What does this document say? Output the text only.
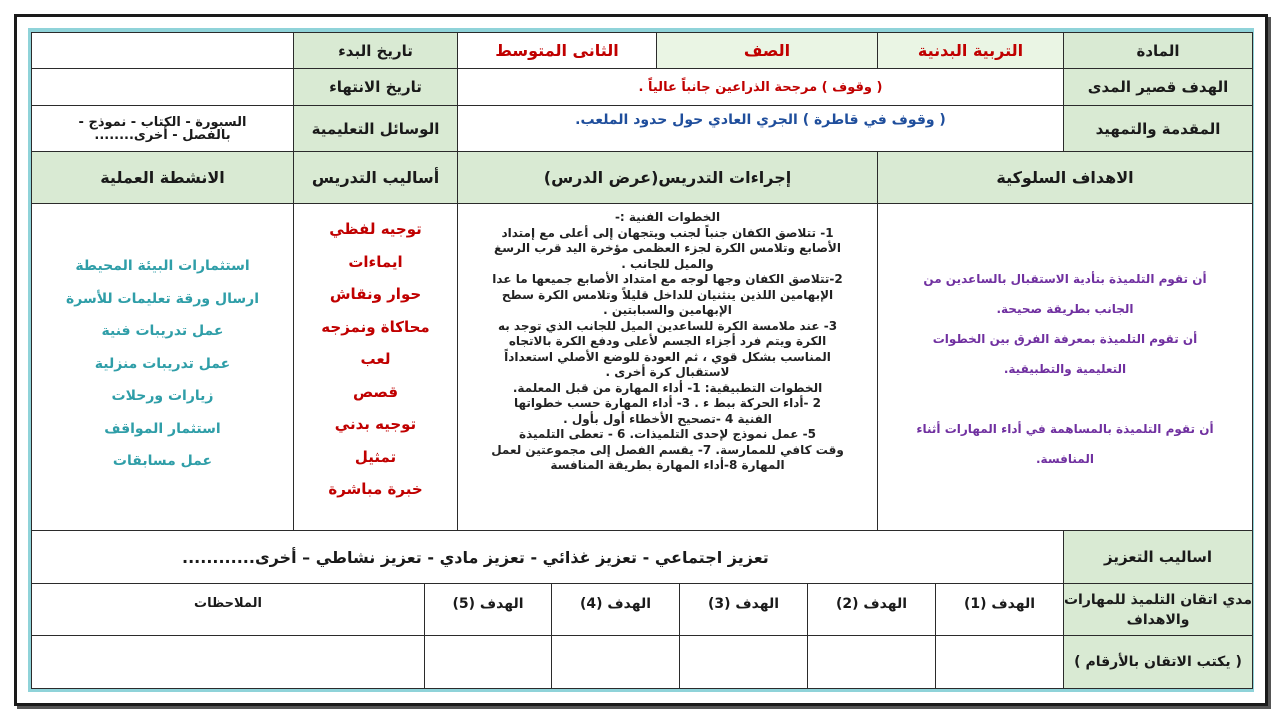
المادة
التربية البدنية
الصف
الثانى المتوسط
تاريخ البدء
الهدف قصير المدى
( وقوف ) مرجحة الذراعين جانباً عالياً .
تاريخ الانتهاء
المقدمة والتمهيد
( وقوف في قاطرة ) الجري العادي حول حدود الملعب.
الوسائل التعليمية
السبورة - الكتاب - نموذج -
بالفصل - أخرى........
الاهداف السلوكية
إجراءات التدريس(عرض الدرس)
أساليب التدريس
الانشطة العملية
أن تقوم التلميذة بتأدية الاستقبال بالساعدين من
الجانب بطريقة صحيحة.
أن تقوم التلميذة بمعرفة الفرق بين الخطوات
التعليمية والتطبيقية.
أن تقوم التلميذة بالمساهمة في أداء المهارات أثناء
المنافسة.
الخطوات الفنية :-
1- تتلاصق الكفان جنباً لجنب ويتجهان إلى أعلى مع إمتداد
الأصابع وتلامس الكرة لجزء العظمى مؤخرة اليد قرب الرسغ
والميل للجانب .
2-تتلاصق الكفان وجها لوجه مع امتداد الأصابع جميعها ما عدا
الإبهامين اللذين ينثنيان للداخل قليلاً وتلامس الكرة سطح
الإبهامين والسبابتين .
3- عند ملامسة الكرة للساعدين الميل للجانب الذي توجد به
الكرة ويتم فرد أجزاء الجسم لأعلى ودفع الكرة بالاتجاه
المناسب بشكل قوي ، ثم العودة للوضع الأصلي استعداداً
لاستقبال كرة أخرى .
الخطوات التطبيقية: 1- أداء المهارة من قبل المعلمة.
2 -أداء الحركة ببط ء . 3- أداء المهارة حسب خطواتها
الفنية 4 -تصحيح الأخطاء أول بأول .
5- عمل نموذج لإحدى التلميذات. 6 - تعطى التلميذة
وقت كافي للممارسة. 7- يقسم الفصل إلى مجموعتين لعمل
المهارة 8-أداء المهارة بطريقة المنافسة
توجيه لفظي
ايماءات
حوار ونقاش
محاكاة ونمزجه
لعب
قصص
توجيه بدني
تمثيل
خبرة مباشرة
استثمارات البيئة المحيطة
ارسال ورقة تعليمات للأسرة
عمل تدريبات فنية
عمل تدريبات منزلية
زيارات ورحلات
استثمار المواقف
عمل مسابقات
اساليب التعزيز
تعزيز اجتماعي - تعزيز غذائي - تعزيز مادي - تعزيز نشاطي – أخرى............
مدي اتقان التلميذ للمهارات والاهداف
الهدف (1)
الهدف (2)
الهدف (3)
الهدف (4)
الهدف (5)
الملاحظات
( يكتب الاتقان بالأرقام )
